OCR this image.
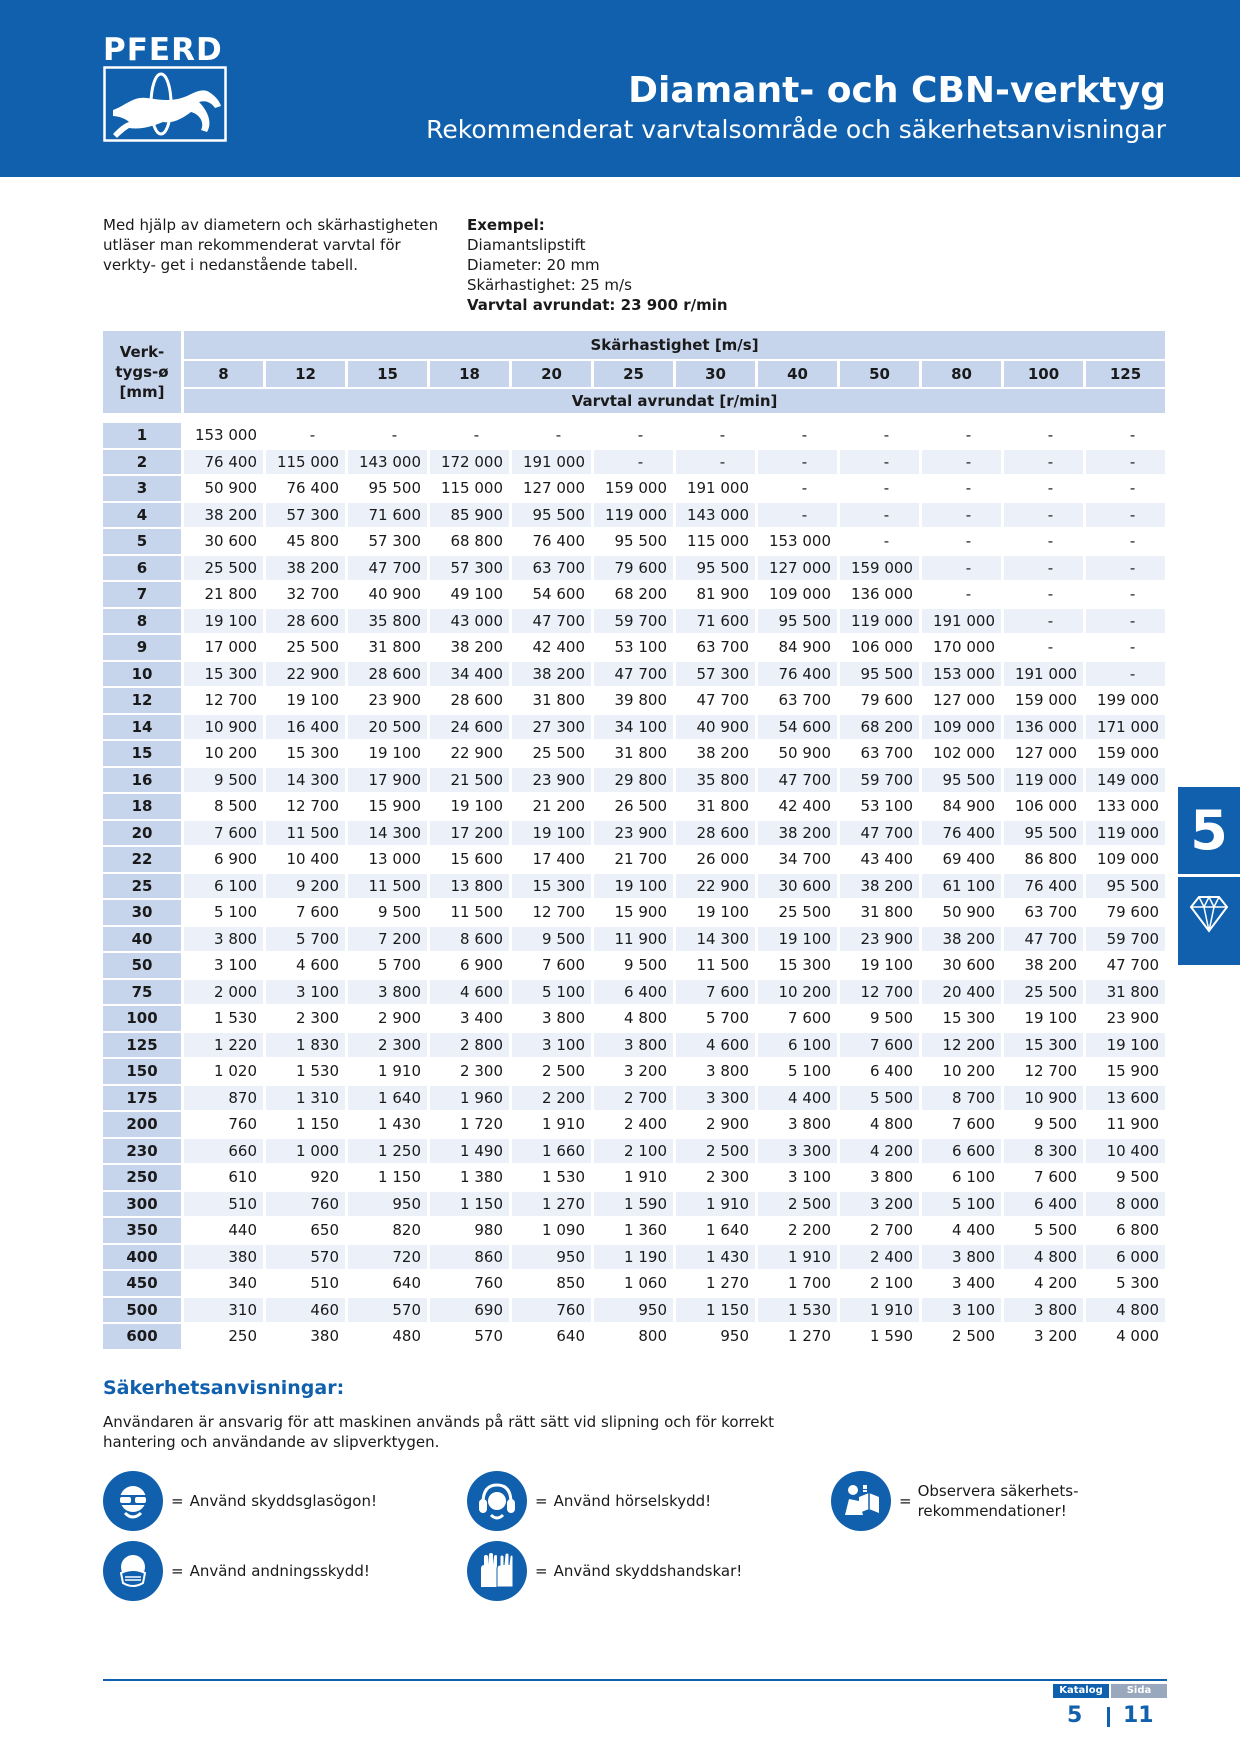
PFERD
Diamant- och CBN-verktyg
Rekommenderat varvtalsområde och säkerhetsanvisningar
Med hjälp av diametern och skärhastigheten utläser man rekommenderat varvtal för verkty- get i nedanstående tabell.
Exempel:
Diamantslipstift
Diameter: 20 mm
Skärhastighet: 25 m/s
Varvtal avrundat: 23 900 r/min
Verk-
tygs-ø
[mm]	Skärhastighet [m/s]											
	8	12	15	18	20	25	30	40	50	80	100	125
	Varvtal avrundat [r/min]											

1	153 000	-	-	-	-	-	-	-	-	-	-	-
2	76 400	115 000	143 000	172 000	191 000	-	-	-	-	-	-	-
3	50 900	76 400	95 500	115 000	127 000	159 000	191 000	-	-	-	-	-
4	38 200	57 300	71 600	85 900	95 500	119 000	143 000	-	-	-	-	-
5	30 600	45 800	57 300	68 800	76 400	95 500	115 000	153 000	-	-	-	-
6	25 500	38 200	47 700	57 300	63 700	79 600	95 500	127 000	159 000	-	-	-
7	21 800	32 700	40 900	49 100	54 600	68 200	81 900	109 000	136 000	-	-	-
8	19 100	28 600	35 800	43 000	47 700	59 700	71 600	95 500	119 000	191 000	-	-
9	17 000	25 500	31 800	38 200	42 400	53 100	63 700	84 900	106 000	170 000	-	-
10	15 300	22 900	28 600	34 400	38 200	47 700	57 300	76 400	95 500	153 000	191 000	-
12	12 700	19 100	23 900	28 600	31 800	39 800	47 700	63 700	79 600	127 000	159 000	199 000
14	10 900	16 400	20 500	24 600	27 300	34 100	40 900	54 600	68 200	109 000	136 000	171 000
15	10 200	15 300	19 100	22 900	25 500	31 800	38 200	50 900	63 700	102 000	127 000	159 000
16	9 500	14 300	17 900	21 500	23 900	29 800	35 800	47 700	59 700	95 500	119 000	149 000
18	8 500	12 700	15 900	19 100	21 200	26 500	31 800	42 400	53 100	84 900	106 000	133 000
20	7 600	11 500	14 300	17 200	19 100	23 900	28 600	38 200	47 700	76 400	95 500	119 000
22	6 900	10 400	13 000	15 600	17 400	21 700	26 000	34 700	43 400	69 400	86 800	109 000
25	6 100	9 200	11 500	13 800	15 300	19 100	22 900	30 600	38 200	61 100	76 400	95 500
30	5 100	7 600	9 500	11 500	12 700	15 900	19 100	25 500	31 800	50 900	63 700	79 600
40	3 800	5 700	7 200	8 600	9 500	11 900	14 300	19 100	23 900	38 200	47 700	59 700
50	3 100	4 600	5 700	6 900	7 600	9 500	11 500	15 300	19 100	30 600	38 200	47 700
75	2 000	3 100	3 800	4 600	5 100	6 400	7 600	10 200	12 700	20 400	25 500	31 800
100	1 530	2 300	2 900	3 400	3 800	4 800	5 700	7 600	9 500	15 300	19 100	23 900
125	1 220	1 830	2 300	2 800	3 100	3 800	4 600	6 100	7 600	12 200	15 300	19 100
150	1 020	1 530	1 910	2 300	2 500	3 200	3 800	5 100	6 400	10 200	12 700	15 900
175	870	1 310	1 640	1 960	2 200	2 700	3 300	4 400	5 500	8 700	10 900	13 600
200	760	1 150	1 430	1 720	1 910	2 400	2 900	3 800	4 800	7 600	9 500	11 900
230	660	1 000	1 250	1 490	1 660	2 100	2 500	3 300	4 200	6 600	8 300	10 400
250	610	920	1 150	1 380	1 530	1 910	2 300	3 100	3 800	6 100	7 600	9 500
300	510	760	950	1 150	1 270	1 590	1 910	2 500	3 200	5 100	6 400	8 000
350	440	650	820	980	1 090	1 360	1 640	2 200	2 700	4 400	5 500	6 800
400	380	570	720	860	950	1 190	1 430	1 910	2 400	3 800	4 800	6 000
450	340	510	640	760	850	1 060	1 270	1 700	2 100	3 400	4 200	5 300
500	310	460	570	690	760	950	1 150	1 530	1 910	3 100	3 800	4 800
600	250	380	480	570	640	800	950	1 270	1 590	2 500	3 200	4 000
Säkerhetsanvisningar:
Användaren är ansvarig för att maskinen används på rätt sätt vid slipning och för korrekt hantering och användande av slipverktygen.
= Använd skyddsglasögon!	= Använd hörselskydd!	=
Observera säkerhets-
rekommendationer!
= Använd andningsskydd!	= Använd skyddshandskar!
5
Katalog	Sida
5 11
